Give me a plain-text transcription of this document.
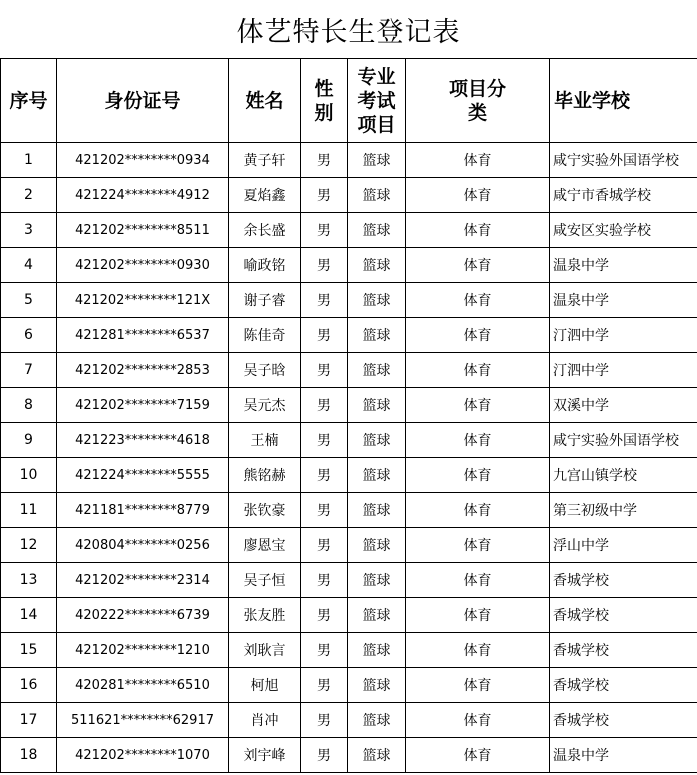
体艺特长生登记表
序号	身份证号	姓名	性别	专业考试项目	项目分类	毕业学校
1	421202********0934	黄子轩	男	篮球	体育	咸宁实验外国语学校
2	421224********4912	夏焰鑫	男	篮球	体育	咸宁市香城学校
3	421202********8511	余长盛	男	篮球	体育	咸安区实验学校
4	421202********0930	喻政铭	男	篮球	体育	温泉中学
5	421202********121X	谢子睿	男	篮球	体育	温泉中学
6	421281********6537	陈佳奇	男	篮球	体育	汀泗中学
7	421202********2853	吴子晗	男	篮球	体育	汀泗中学
8	421202********7159	吴元杰	男	篮球	体育	双溪中学
9	421223********4618	王楠	男	篮球	体育	咸宁实验外国语学校
10	421224********5555	熊铭赫	男	篮球	体育	九宫山镇学校
11	421181********8779	张钦豪	男	篮球	体育	第三初级中学
12	420804********0256	廖恩宝	男	篮球	体育	浮山中学
13	421202********2314	吴子恒	男	篮球	体育	香城学校
14	420222********6739	张友胜	男	篮球	体育	香城学校
15	421202********1210	刘耿言	男	篮球	体育	香城学校
16	420281********6510	柯旭	男	篮球	体育	香城学校
17	511621********62917	肖冲	男	篮球	体育	香城学校
18	421202********1070	刘宇峰	男	篮球	体育	温泉中学
